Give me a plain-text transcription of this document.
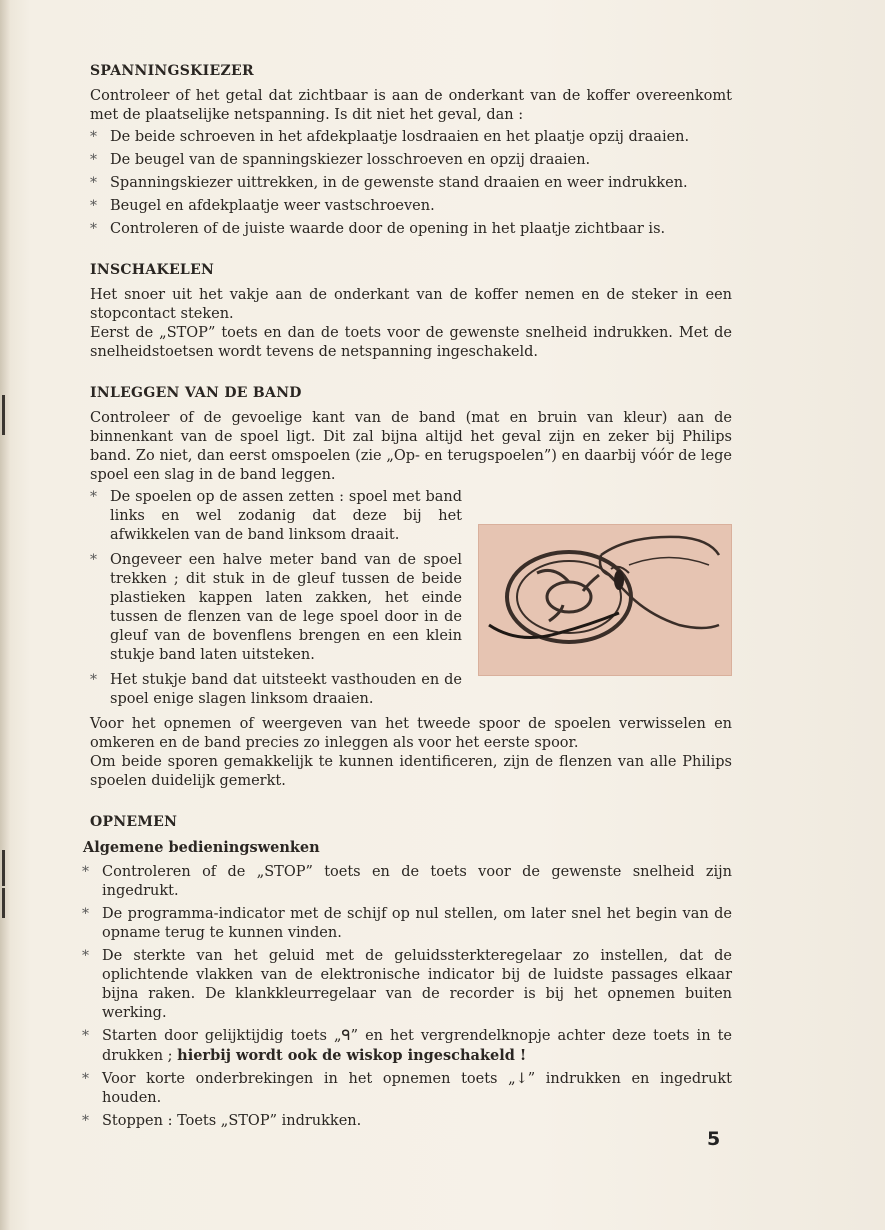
SPANNINGSKIEZER

Controleer of het getal dat zichtbaar is aan de onderkant van de koffer overeenkomt met de plaatselijke netspanning. Is dit niet het geval, dan :

* De beide schroeven in het afdekplaatje losdraaien en het plaatje opzij draaien.
* De beugel van de spanningskiezer losschroeven en opzij draaien.
* Spanningskiezer uittrekken, in de gewenste stand draaien en weer indrukken.
* Beugel en afdekplaatje weer vastschroeven.
* Controleren of de juiste waarde door de opening in het plaatje zichtbaar is.
INSCHAKELEN

Het snoer uit het vakje aan de onderkant van de koffer nemen en de steker in een stopcontact steken.

Eerst de „STOP” toets en dan de toets voor de gewenste snelheid indrukken. Met de snelheidstoetsen wordt tevens de netspanning ingeschakeld.

INLEGGEN VAN DE BAND

Controleer of de gevoelige kant van de band (mat en bruin van kleur) aan de binnenkant van de spoel ligt. Dit zal bijna altijd het geval zijn en zeker bij Philips band. Zo niet, dan eerst omspoelen (zie „Op- en terugspoelen”) en daarbij vóór de lege spoel een slag in de band leggen.

* De spoelen op de assen zetten : spoel met band links en wel zodanig dat deze bij het afwikkelen van de band linksom draait.
* Ongeveer een halve meter band van de spoel trekken ; dit stuk in de gleuf tussen de beide plastieken kappen laten zakken, het einde tussen de flenzen van de lege spoel door in de gleuf van de bovenflens brengen en een klein stukje band laten uitsteken.
* Het stukje band dat uitsteekt vasthouden en de spoel enige slagen linksom draaien.

Voor het opnemen of weergeven van het tweede spoor de spoelen verwisselen en omkeren en de band precies zo inleggen als voor het eerste spoor.

Om beide sporen gemakkelijk te kunnen identificeren, zijn de flenzen van alle Philips spoelen duidelijk gemerkt.

OPNEMEN
Algemene bedieningswenken
* Controleren of de „STOP” toets en de toets voor de gewenste snelheid zijn ingedrukt.
* De programma-indicator met de schijf op nul stellen, om later snel het begin van de opname terug te kunnen vinden.
* De sterkte van het geluid met de geluidssterkteregelaar zo instellen, dat de oplichtende vlakken van de elektronische indicator bij de luidste passages elkaar bijna raken. De klankkleurregelaar van de recorder is bij het opnemen buiten werking.
* Starten door gelijktijdig toets „ᑫ” en het vergrendelknopje achter deze toets in te drukken ; hierbij wordt ook de wiskop ingeschakeld !
* Voor korte onderbrekingen in het opnemen toets „↓” indrukken en ingedrukt houden.
* Stoppen : Toets „STOP” indrukken.
5
